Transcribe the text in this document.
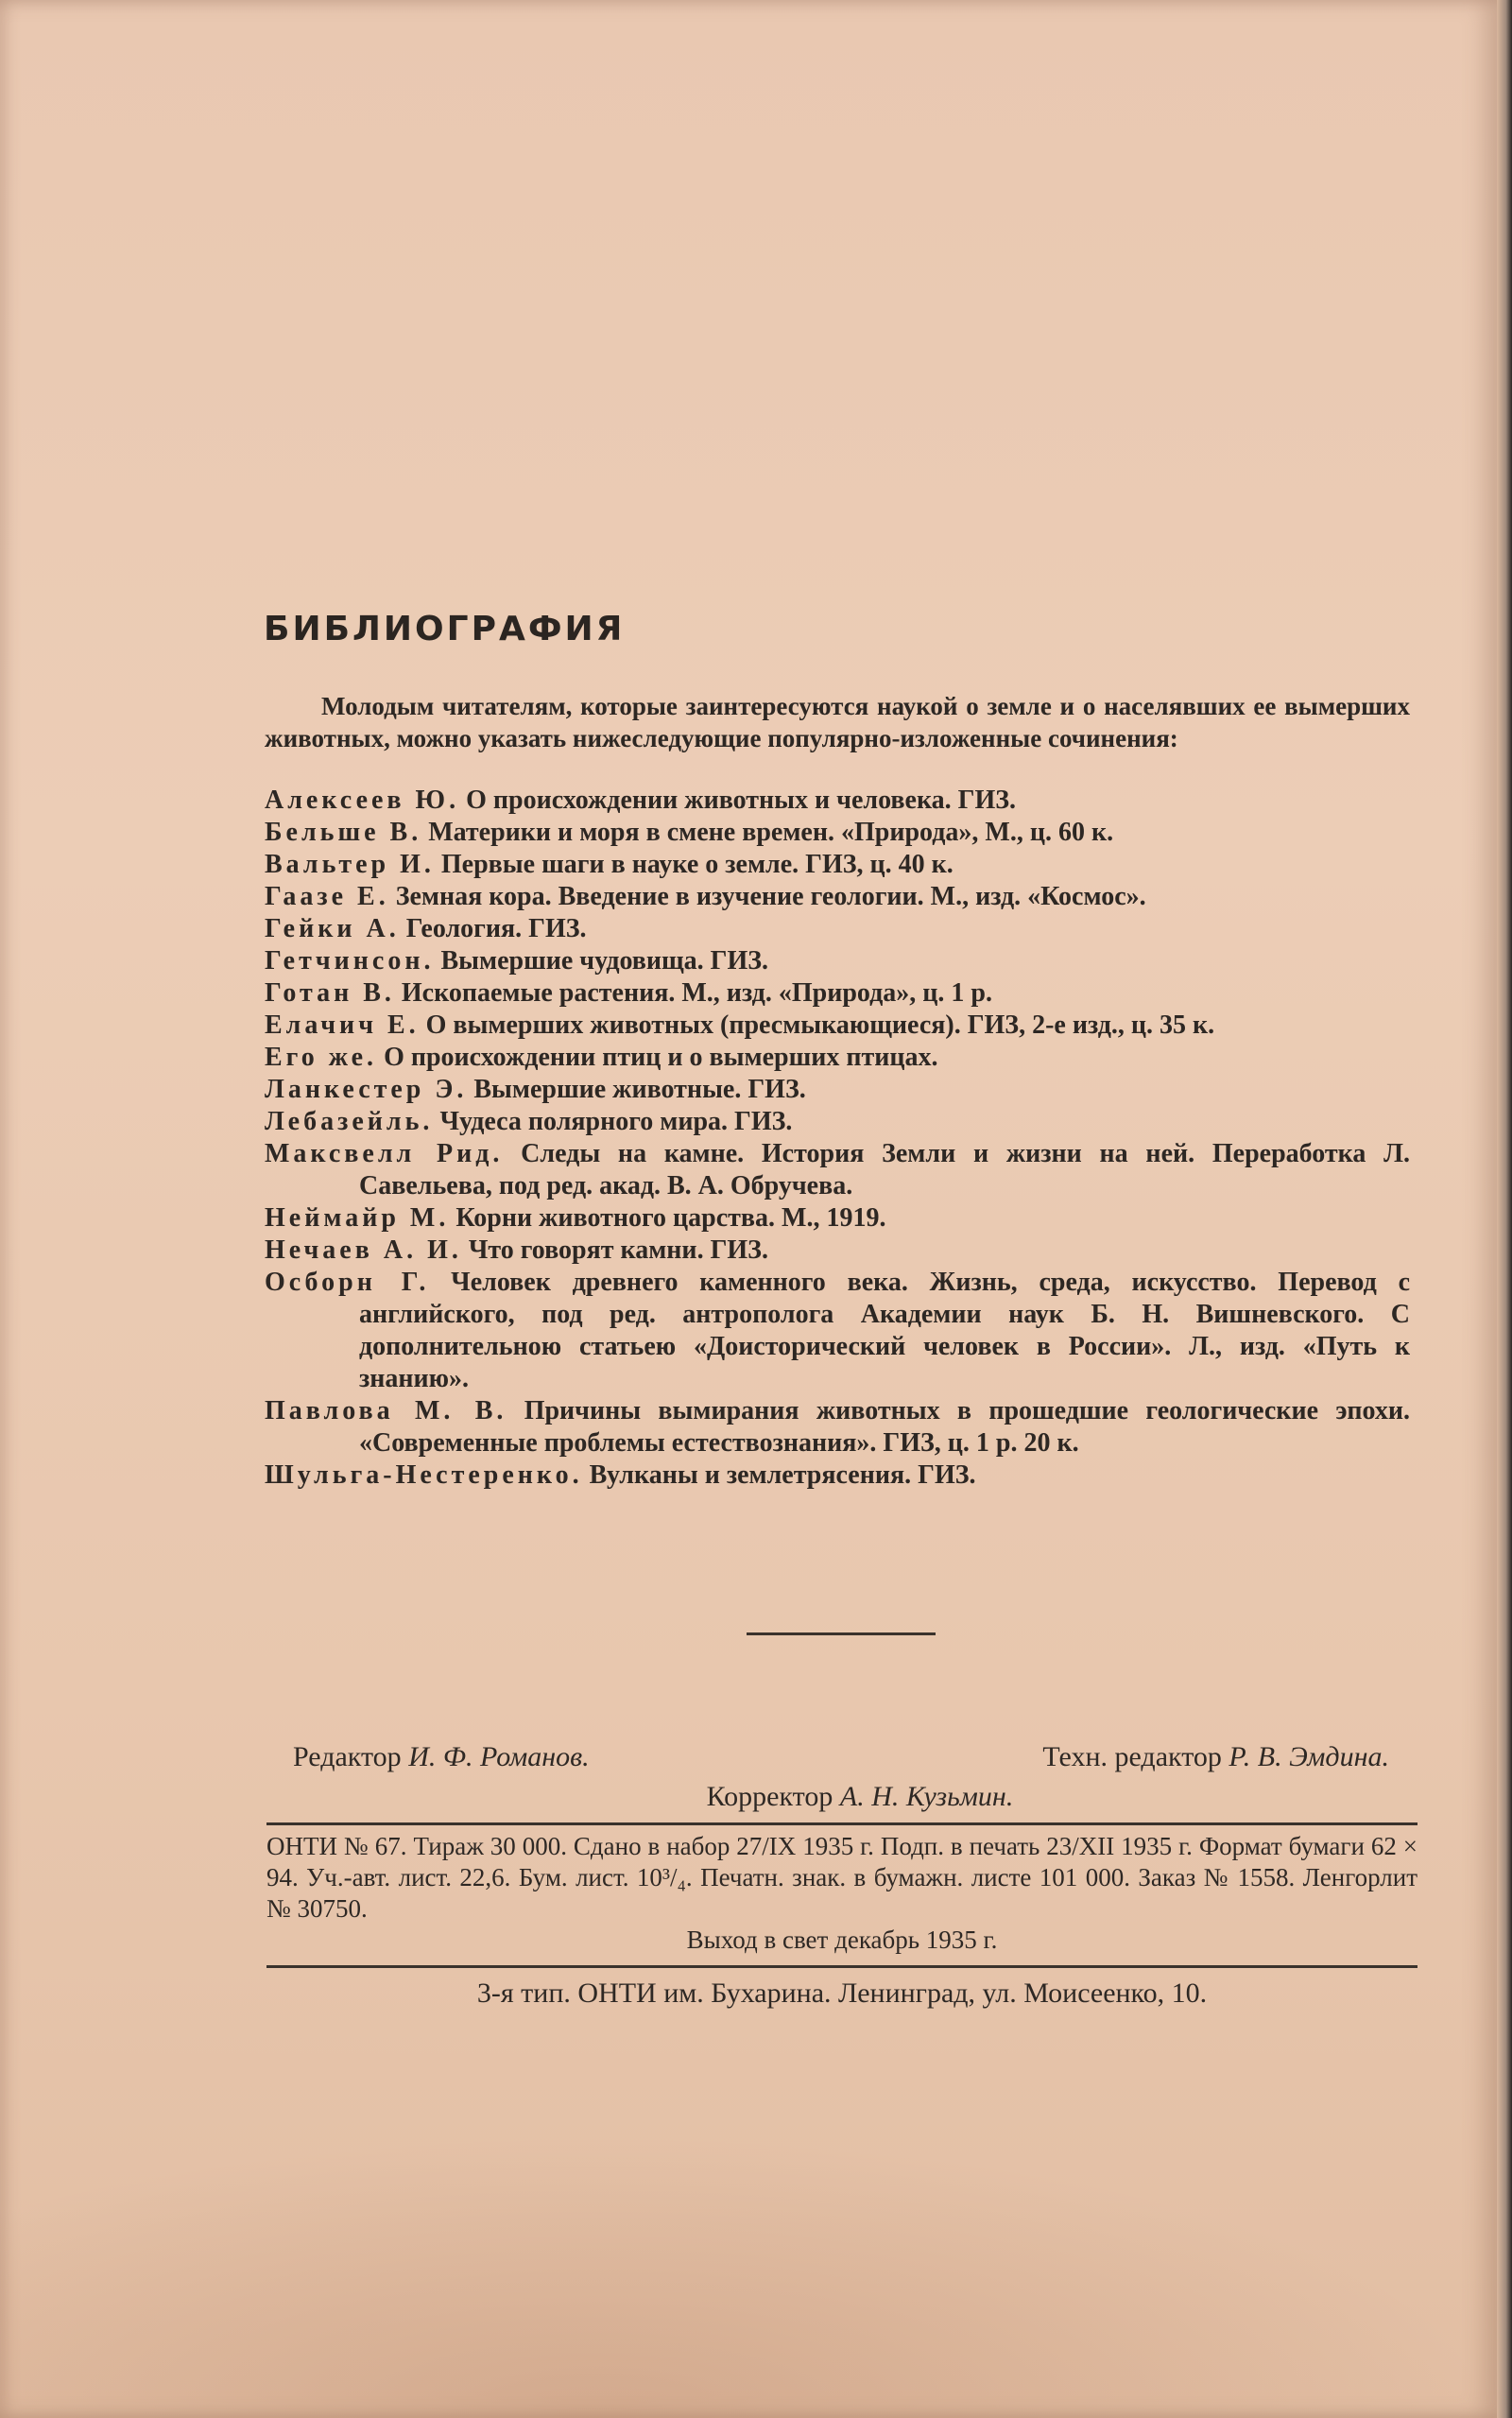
БИБЛИОГРАФИЯ
Молодым читателям, которые заинтересуются наукой о земле и о населявших ее вымерших животных, можно указать нижеследующие популярно-изложенные сочинения:
Алексеев Ю. О происхождении животных и человека. ГИЗ.
Бельше В. Материки и моря в смене времен. «Природа», М., ц. 60 к.
Вальтер И. Первые шаги в науке о земле. ГИЗ, ц. 40 к.
Гаазе Е. Земная кора. Введение в изучение геологии. М., изд. «Космос».
Гейки А. Геология. ГИЗ.
Гетчинсон. Вымершие чудовища. ГИЗ.
Готан В. Ископаемые растения. М., изд. «Природа», ц. 1 р.
Елачич Е. О вымерших животных (пресмыкающиеся). ГИЗ, 2-е изд., ц. 35 к.
Его же. О происхождении птиц и о вымерших птицах.
Ланкестер Э. Вымершие животные. ГИЗ.
Лебазейль. Чудеса полярного мира. ГИЗ.
Максвелл Рид. Следы на камне. История Земли и жизни на ней. Переработка Л. Савельева, под ред. акад. В. А. Обручева.
Неймайр М. Корни животного царства. М., 1919.
Нечаев А. И. Что говорят камни. ГИЗ.
Осборн Г. Человек древнего каменного века. Жизнь, среда, искусство. Перевод с английского, под ред. антрополога Академии наук Б. Н. Вишневского. С дополнительною статьею «Доисторический человек в России». Л., изд. «Путь к знанию».
Павлова М. В. Причины вымирания животных в прошедшие геологические эпохи. «Современные проблемы естествознания». ГИЗ, ц. 1 р. 20 к.
Шульга-Нестеренко. Вулканы и землетрясения. ГИЗ.
Редактор И. Ф. Романов.	Техн. редактор Р. В. Эмдина.
Корректор А. Н. Кузьмин.
ОНТИ № 67. Тираж 30 000. Сдано в набор 27/IX 1935 г. Подп. в печать 23/XII 1935 г. Формат бумаги 62 × 94. Уч.-авт. лист. 22,6. Бум. лист. 10³/₄. Печатн. знак. в бумажн. листе 101 000. Заказ № 1558. Ленгорлит № 30750.
Выход в свет декабрь 1935 г.
3-я тип. ОНТИ им. Бухарина. Ленинград, ул. Моисеенко, 10.
